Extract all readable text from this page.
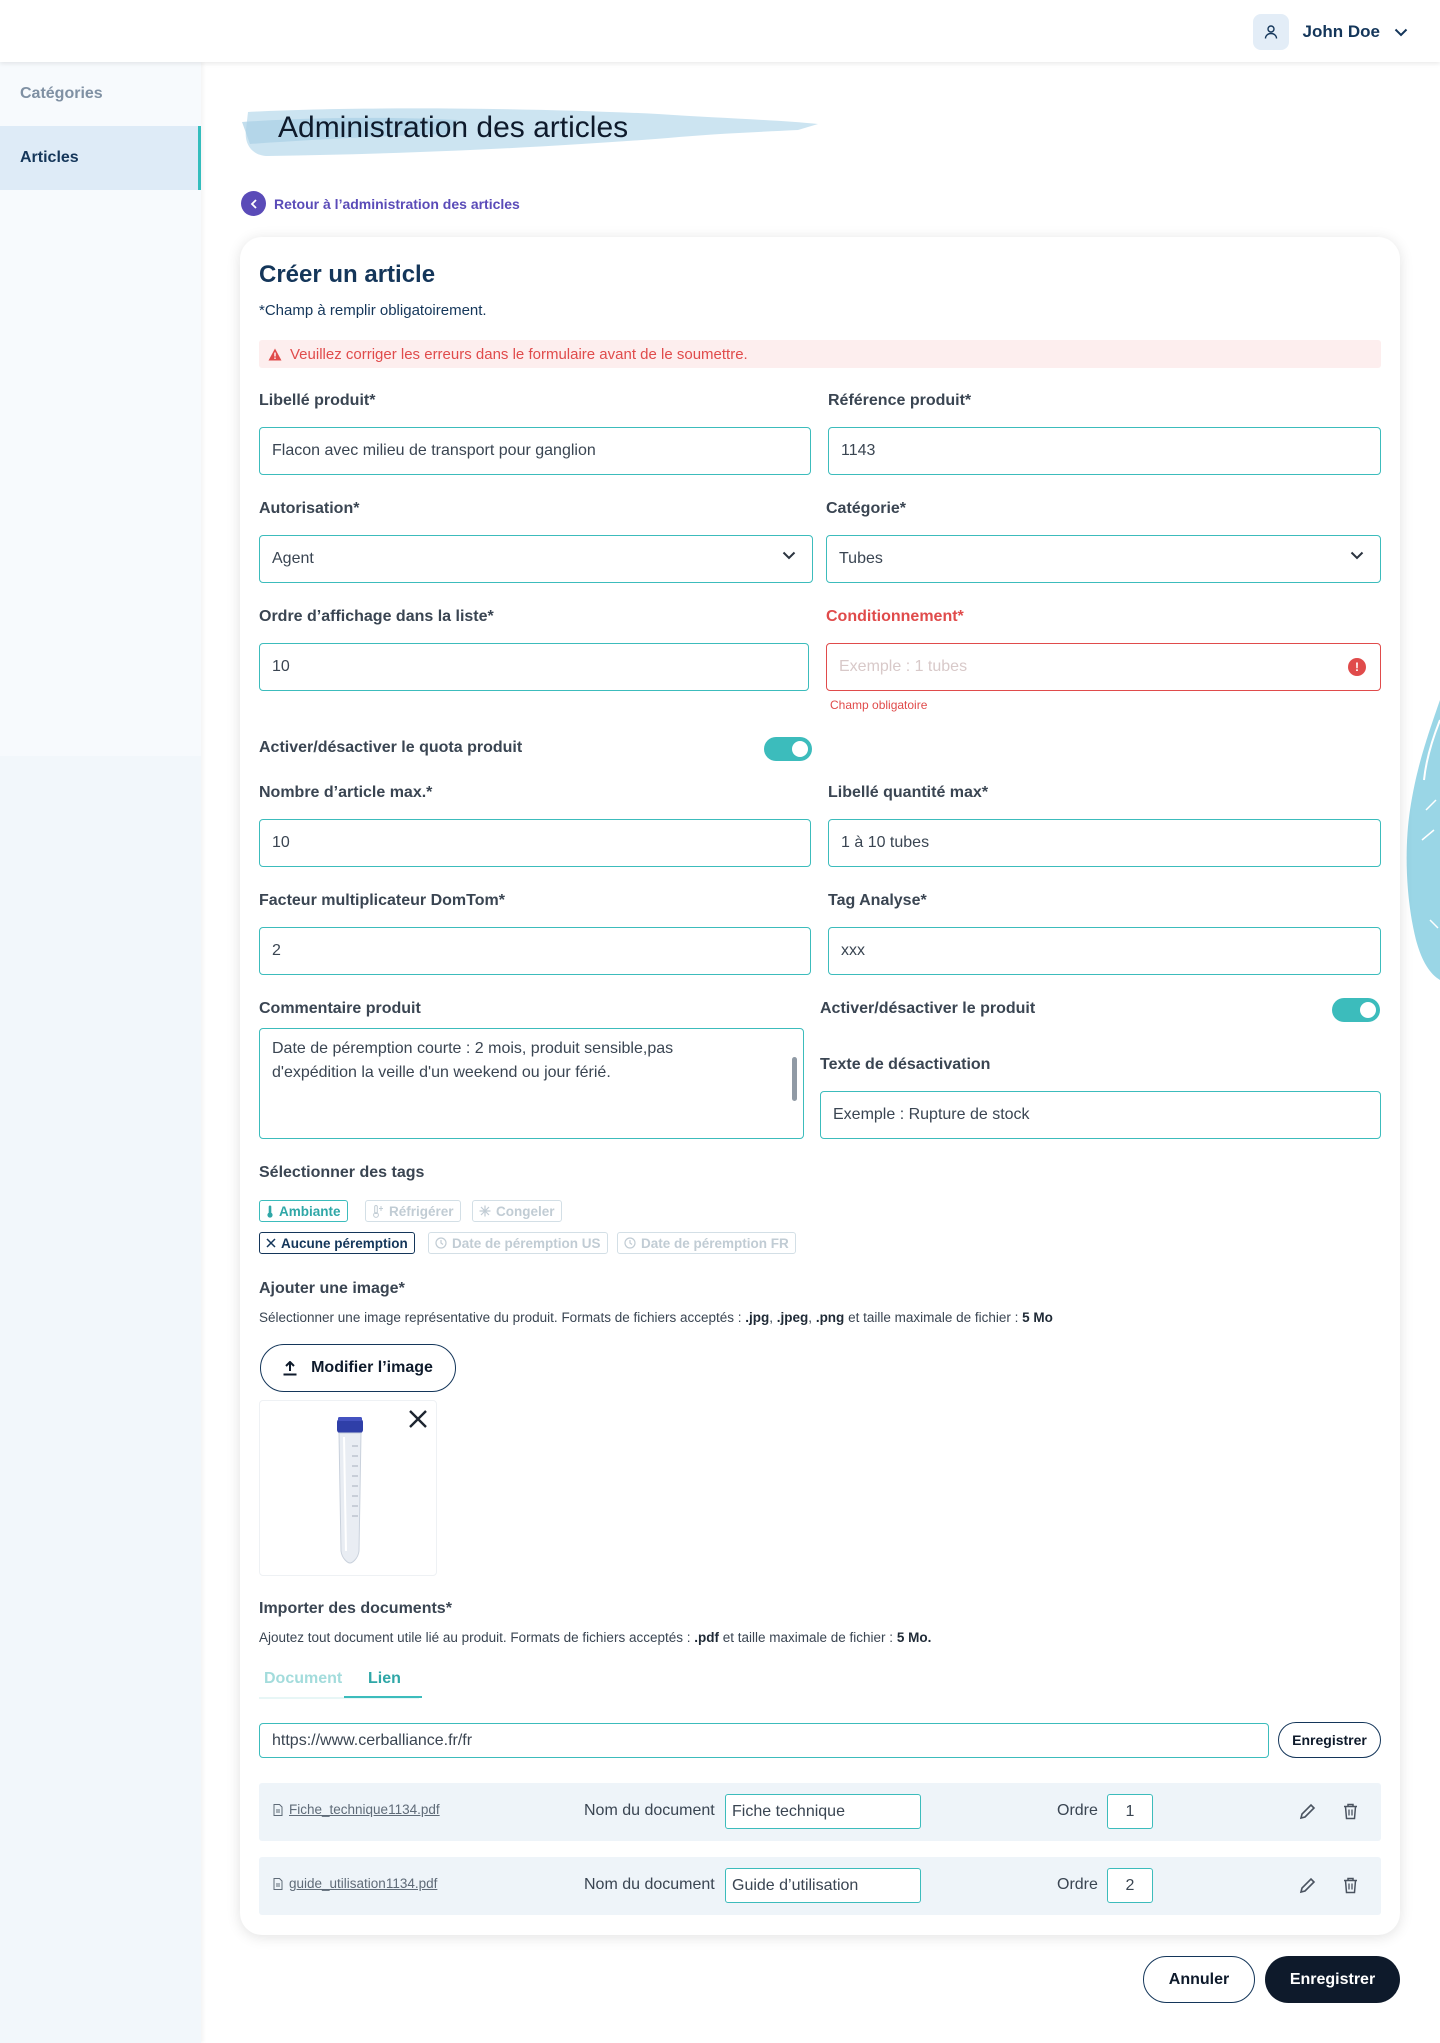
John Doe
Catégories
Articles
Administration des articles
Retour à l’administration des articles
Créer un article

*Champ à remplir obligatoirement.

Veuillez corriger les erreurs dans le formulaire avant de le soumettre.
Libellé produit*
Flacon avec milieu de transport pour ganglion
Référence produit*
1143
Autorisation*
Agent
Catégorie*
Tubes
Ordre d’affichage dans la liste*
10
Conditionnement*
Exemple : 1 tubes	!
Champ obligatoire
Activer/désactiver le quota produit
Nombre d’article max.*
10
Libellé quantité max*
1 à 10 tubes
Facteur multiplicateur DomTom*
2
Tag Analyse*
xxx
Commentaire produit
Date de péremption courte : 2 mois, produit sensible,pas d'expédition la veille d'un weekend ou jour férié.
Activer/désactiver le produit
Texte de désactivation
Exemple : Rupture de stock
Sélectionner des tags
Ambiante	Réfrigérer	Congeler
Aucune péremption	Date de péremption US	Date de péremption FR
Ajouter une image*

Sélectionner une image représentative du produit. Formats de fichiers acceptés : .jpg, .jpeg, .png et taille maximale de fichier : 5 Mo

Modifier l’image
Importer des documents*

Ajoutez tout document utile lié au produit. Formats de fichiers acceptés : .pdf et taille maximale de fichier : 5 Mo.

Document Lien
https://www.cerballiance.fr/fr	Enregistrer
Fiche_technique1134.pdf	Nom du document	Fiche technique	Ordre	1
guide_utilisation1134.pdf	Nom du document	Guide d’utilisation	Ordre	2
Annuler	Enregistrer
